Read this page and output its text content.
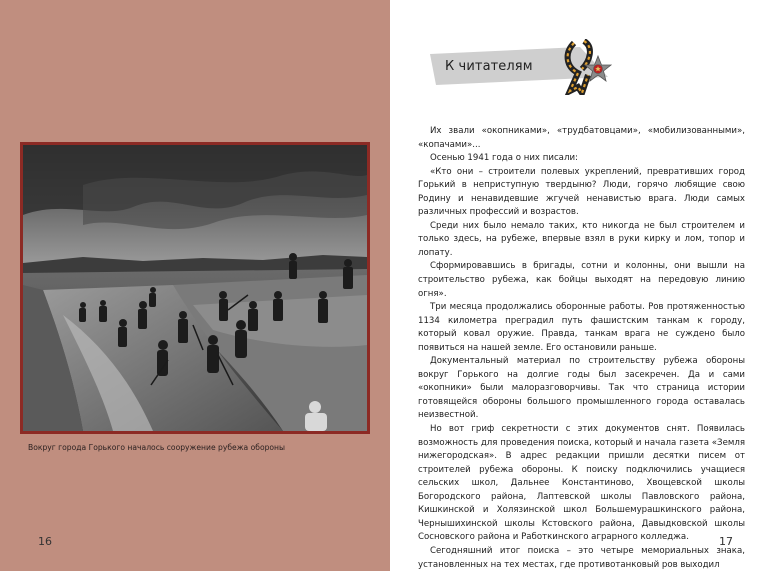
Вокруг города Горького началось сооружение рубежа обороны
16
К читателям

Их звали «окопниками», «трудбатовцами», «мобилизованными», «копачами»...

Осенью 1941 года о них писали:

«Кто они – строители полевых укреплений, превративших город Горький в неприступную твердыню? Люди, горячо любящие свою Родину и ненавидевшие жгучей ненавистью врага. Люди самых различных профессий и возрастов.

Среди них было немало таких, кто никогда не был строителем и только здесь, на рубеже, впервые взял в руки кирку и лом, топор и лопату.

Сформировавшись в бригады, сотни и колонны, они вышли на строительство рубежа, как бойцы выходят на передовую линию огня».

Три месяца продолжались оборонные работы. Ров протяженностью 1134 километра преградил путь фашистским танкам к городу, который ковал оружие. Правда, танкам врага не суждено было появиться на нашей земле. Его остановили раньше.

Документальный материал по строительству рубежа обороны вокруг Горького на долгие годы был засекречен. Да и сами «окопники» были малоразговорчивы. Так что страница истории готовящейся обороны большого промышленного города оставалась неизвестной.

Но вот гриф секретности с этих документов снят. Появилась возможность для проведения поиска, который и начала газета «Земля нижегородская». В адрес редакции пришли десятки писем от строителей рубежа обороны. К поиску подключились учащиеся сельских школ, Дальнее Константиново, Хвощевской школы Богородского района, Лаптевской школы Павловского района, Кишкинской и Холязинской школ Большемурашкинского района, Чернышихинской школы Кстовского района, Давыдковской школы Сосновского района и Работкинского аграрного колледжа.

Сегодняшний итог поиска – это четыре мемориальных знака, установленных на тех местах, где противотанковый ров выходил

17
